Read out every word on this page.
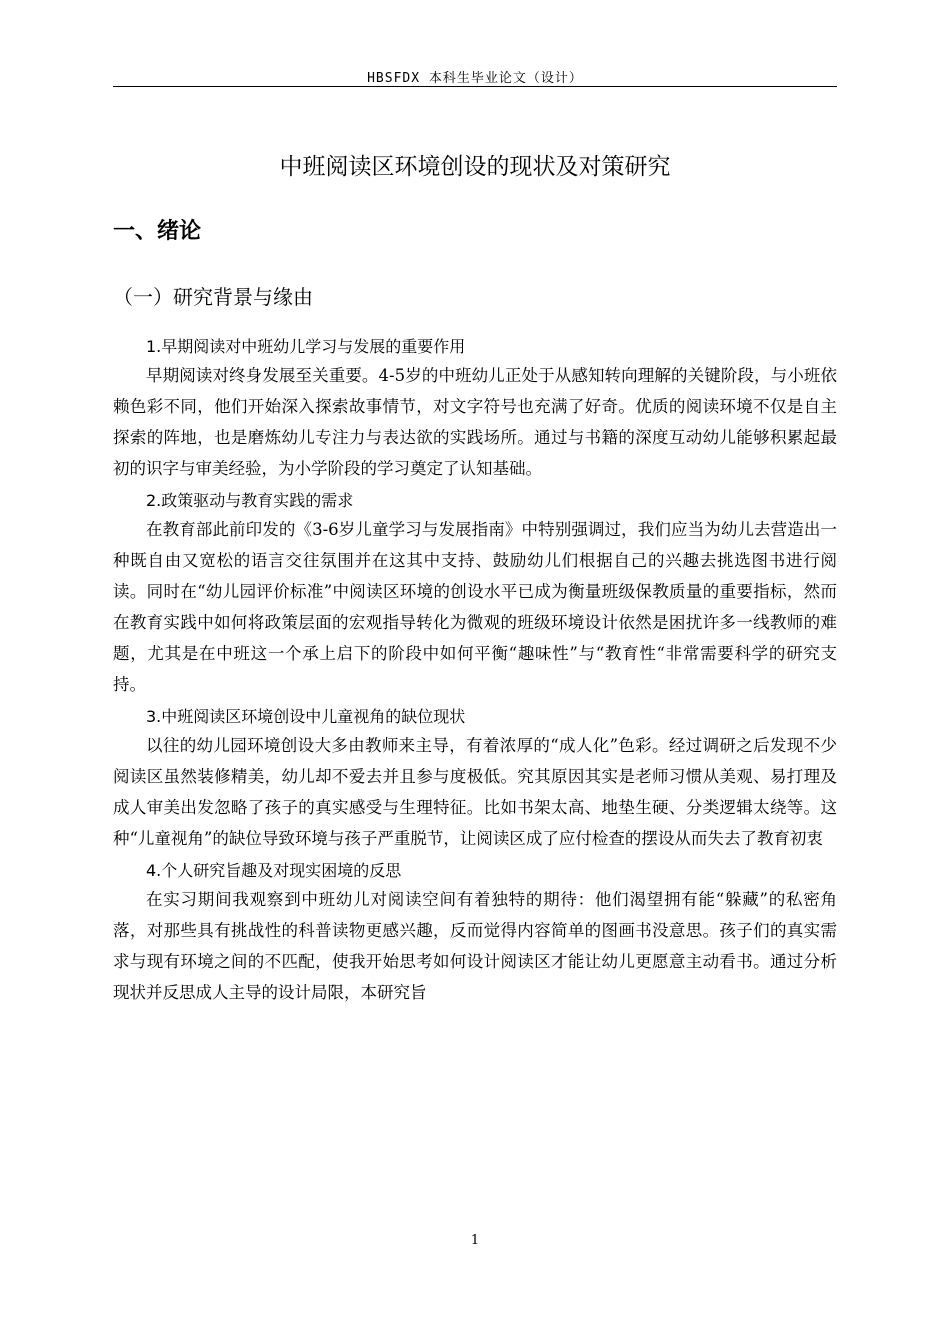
HBSFDX 本科生毕业论文（设计）
中班阅读区环境创设的现状及对策研究
一、绪论
（一）研究背景与缘由
1.早期阅读对中班幼儿学习与发展的重要作用

早期阅读对终身发展至关重要。4-5岁的中班幼儿正处于从感知转向理解的关键阶段，与小班依赖色彩不同，他们开始深入探索故事情节，对文字符号也充满了好奇。优质的阅读环境不仅是自主探索的阵地，也是磨炼幼儿专注力与表达欲的实践场所。通过与书籍的深度互动幼儿能够积累起最初的识字与审美经验，为小学阶段的学习奠定了认知基础。

2.政策驱动与教育实践的需求

在教育部此前印发的《3-6岁儿童学习与发展指南》中特别强调过，我们应当为幼儿去营造出一种既自由又宽松的语言交往氛围并在这其中支持、鼓励幼儿们根据自己的兴趣去挑选图书进行阅读。同时在“幼儿园评价标准”中阅读区环境的创设水平已成为衡量班级保教质量的重要指标，然而在教育实践中如何将政策层面的宏观指导转化为微观的班级环境设计依然是困扰许多一线教师的难题，尤其是在中班这一个承上启下的阶段中如何平衡“趣味性”与“教育性“非常需要科学的研究支持。

3.中班阅读区环境创设中儿童视角的缺位现状

以往的幼儿园环境创设大多由教师来主导，有着浓厚的“成人化”色彩。经过调研之后发现不少阅读区虽然装修精美，幼儿却不爱去并且参与度极低。究其原因其实是老师习惯从美观、易打理及成人审美出发忽略了孩子的真实感受与生理特征。比如书架太高、地垫生硬、分类逻辑太绕等。这种“儿童视角”的缺位导致环境与孩子严重脱节，让阅读区成了应付检查的摆设从而失去了教育初衷

4.个人研究旨趣及对现实困境的反思

在实习期间我观察到中班幼儿对阅读空间有着独特的期待：他们渴望拥有能“躲藏”的私密角落，对那些具有挑战性的科普读物更感兴趣，反而觉得内容简单的图画书没意思。孩子们的真实需求与现有环境之间的不匹配，使我开始思考如何设计阅读区才能让幼儿更愿意主动看书。通过分析现状并反思成人主导的设计局限，本研究旨

1
